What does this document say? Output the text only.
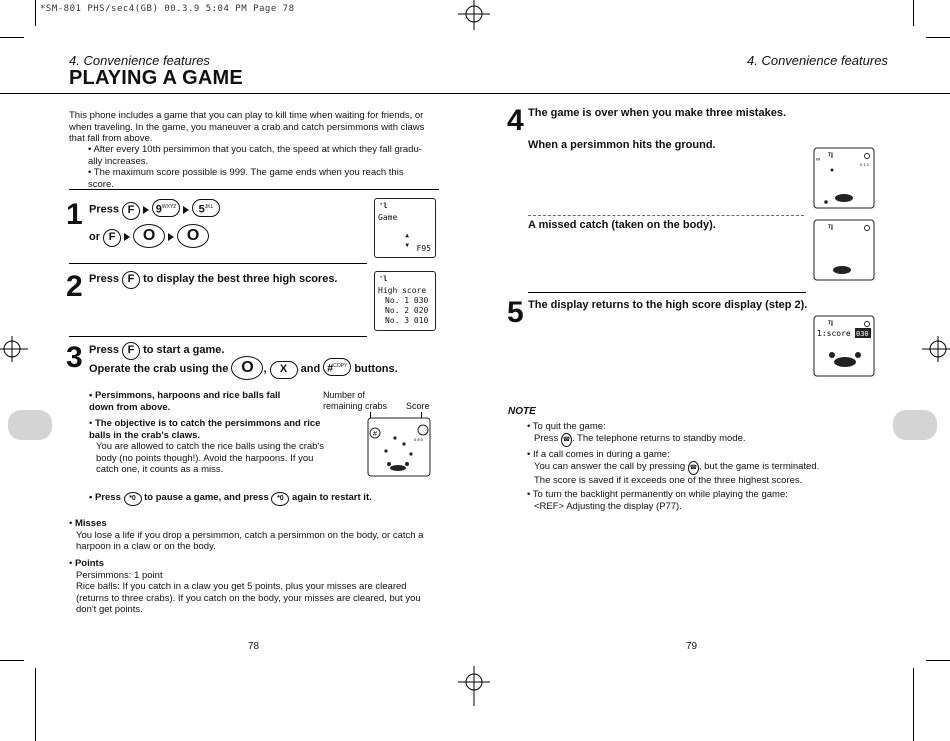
*SM-801 PHS/sec4(GB) 00.3.9 5:04 PM Page 78
4. Convenience features
PLAYING A GAME
This phone includes a game that you can play to kill time when waiting for friends, or when traveling. In the game, you maneuver a crab and catch persimmons with claws that fall from above.
• After every 10th persimmon that you catch, the speed at which they fall gradu- ally increases.
• The maximum score possible is 999. The game ends when you reach this score.
1 Press F $9^{WXYZ}$ $5^{JKL}$
or F O O
ᵀl
Game
F95
▲
▼
2 Press F to display the best three high scores.	ᵀl
High score
No. 1 030
No. 2 020
No. 3 010
3 Press F to start a game.
Operate the crab using the O , X and #$^{COPY}$ buttons.
• Persimmons, harpoons and rice balls fall down from above.
• The objective is to catch the persimmons and rice balls in the crab's claws.

You are allowed to catch the rice balls using the crab's body (no points though!). Avoid the harpoons. If you catch one, it counts as a miss.
• Press *0 to pause a game, and press *0 again to restart it.
Number of remaining crabs	Score
#
0 8 0
• Misses

You lose a life if you drop a persimmon, catch a persimmon on the body, or catch a harpoon in a claw or on the body.
• Points

Persimmons: 1 point
Rice balls: If you catch in a claw you get 5 points, plus your misses are cleared (returns to three crabs). If you catch on the body, your misses are cleared, but you don't get points.
78
4. Convenience features
4 The game is over when you make three mistakes.
When a persimmon hits the ground.
ᵀl
0 1 2
∞
A missed catch (taken on the body).	ᵀl
5 The display returns to the high score display (step 2).
ᵀl
1:score 030
NOTE
• To quit the game:
Press ☎ . The telephone returns to standby mode.
• If a call comes in during a game:
You can answer the call by pressing ☎ , but the game is terminated.
The score is saved if it exceeds one of the three highest scores.
• To turn the backlight permanently on while playing the game:
<REF> Adjusting the display (P77).
79
